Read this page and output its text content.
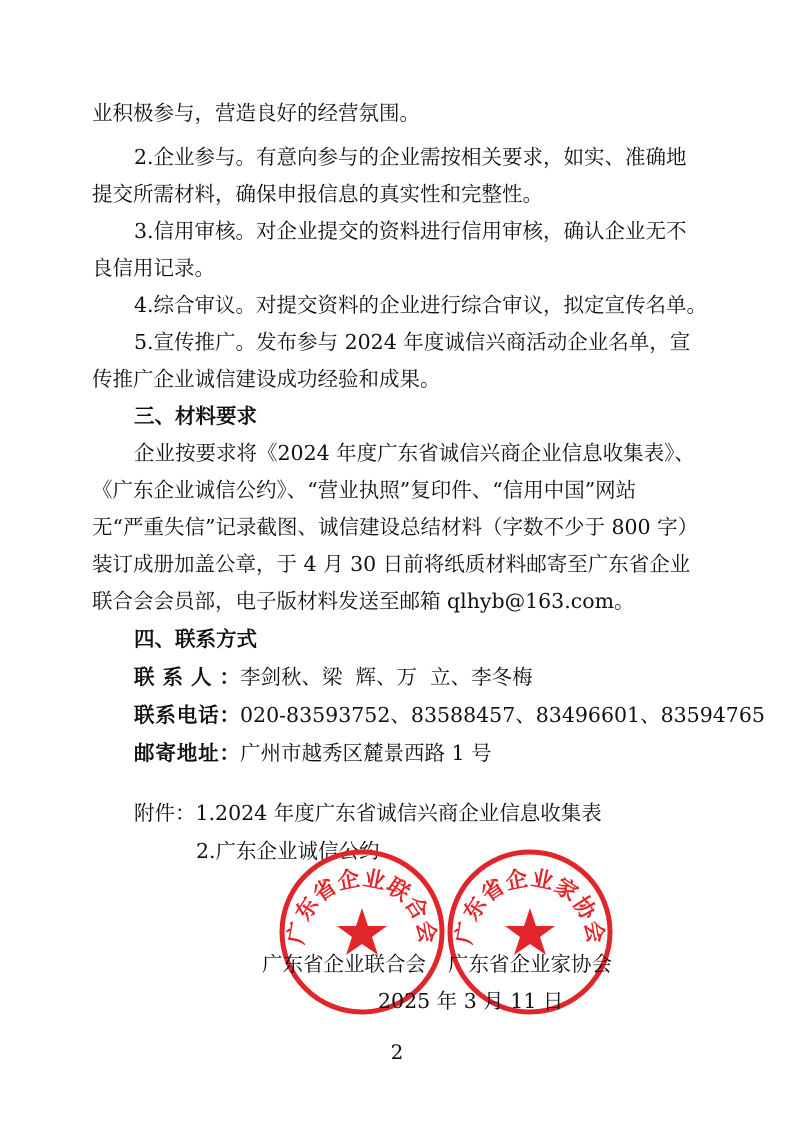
业积极参与，营造良好的经营氛围。
2.企业参与。有意向参与的企业需按相关要求，如实、准确地
提交所需材料，确保申报信息的真实性和完整性。
3.信用审核。对企业提交的资料进行信用审核，确认企业无不
良信用记录。
4.综合审议。对提交资料的企业进行综合审议，拟定宣传名单。
5.宣传推广。发布参与 2024 年度诚信兴商活动企业名单，宣
传推广企业诚信建设成功经验和成果。
三、材料要求
企业按要求将《2024 年度广东省诚信兴商企业信息收集表》、
《广东企业诚信公约》、“营业执照”复印件、“信用中国”网站
无“严重失信”记录截图、诚信建设总结材料（字数不少于 800 字）
装订成册加盖公章，于 4 月 30 日前将纸质材料邮寄至广东省企业
联合会会员部，电子版材料发送至邮箱 qlhyb@163.com。
四、联系方式
联系人：李剑秋、梁  辉、万  立、李冬梅
联系电话：020-83593752、83588457、83496601、83594765
邮寄地址：广州市越秀区麓景西路 1 号
附件：1.2024 年度广东省诚信兴商企业信息收集表
2.广东企业诚信公约
广东省企业联合会 广东省企业家协会
广东省企业联合会 广东省企业家协会
2025 年 3 月 11 日
2
